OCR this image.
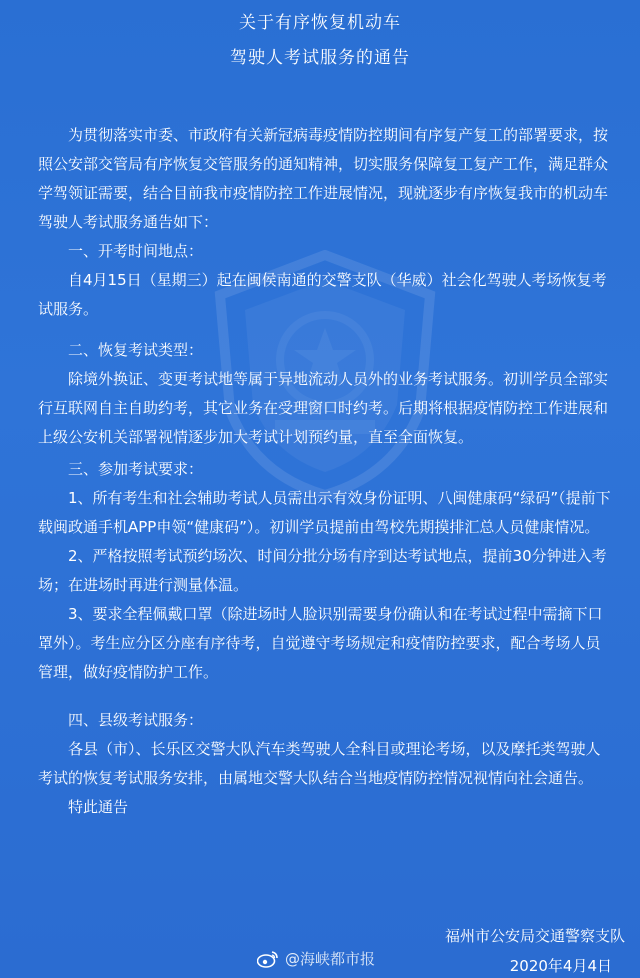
关于有序恢复机动车
驾驶人考试服务的通告
为贯彻落实市委、市政府有关新冠病毒疫情防控期间有序复产复工的部署要求，按
照公安部交管局有序恢复交管服务的通知精神，切实服务保障复工复产工作，满足群众
学驾领证需要，结合目前我市疫情防控工作进展情况，现就逐步有序恢复我市的机动车
驾驶人考试服务通告如下：
一、开考时间地点：
自4月15日（星期三）起在闽侯南通的交警支队（华威）社会化驾驶人考场恢复考
试服务。
二、恢复考试类型：
除境外换证、变更考试地等属于异地流动人员外的业务考试服务。初训学员全部实
行互联网自主自助约考，其它业务在受理窗口时约考。后期将根据疫情防控工作进展和
上级公安机关部署视情逐步加大考试计划预约量，直至全面恢复。
三、参加考试要求：
1、所有考生和社会辅助考试人员需出示有效身份证明、八闽健康码“绿码”（提前下
载闽政通手机APP申领“健康码”）。初训学员提前由驾校先期摸排汇总人员健康情况。
2、严格按照考试预约场次、时间分批分场有序到达考试地点，提前30分钟进入考
场；在进场时再进行测量体温。
3、要求全程佩戴口罩（除进场时人脸识别需要身份确认和在考试过程中需摘下口
罩外）。考生应分区分座有序待考，自觉遵守考场规定和疫情防控要求，配合考场人员
管理，做好疫情防护工作。
四、县级考试服务：
各县（市）、长乐区交警大队汽车类驾驶人全科目或理论考场，以及摩托类驾驶人
考试的恢复考试服务安排，由属地交警大队结合当地疫情防控情况视情向社会通告。
特此通告
福州市公安局交通警察支队
2020年4月4日
@海峡都市报
